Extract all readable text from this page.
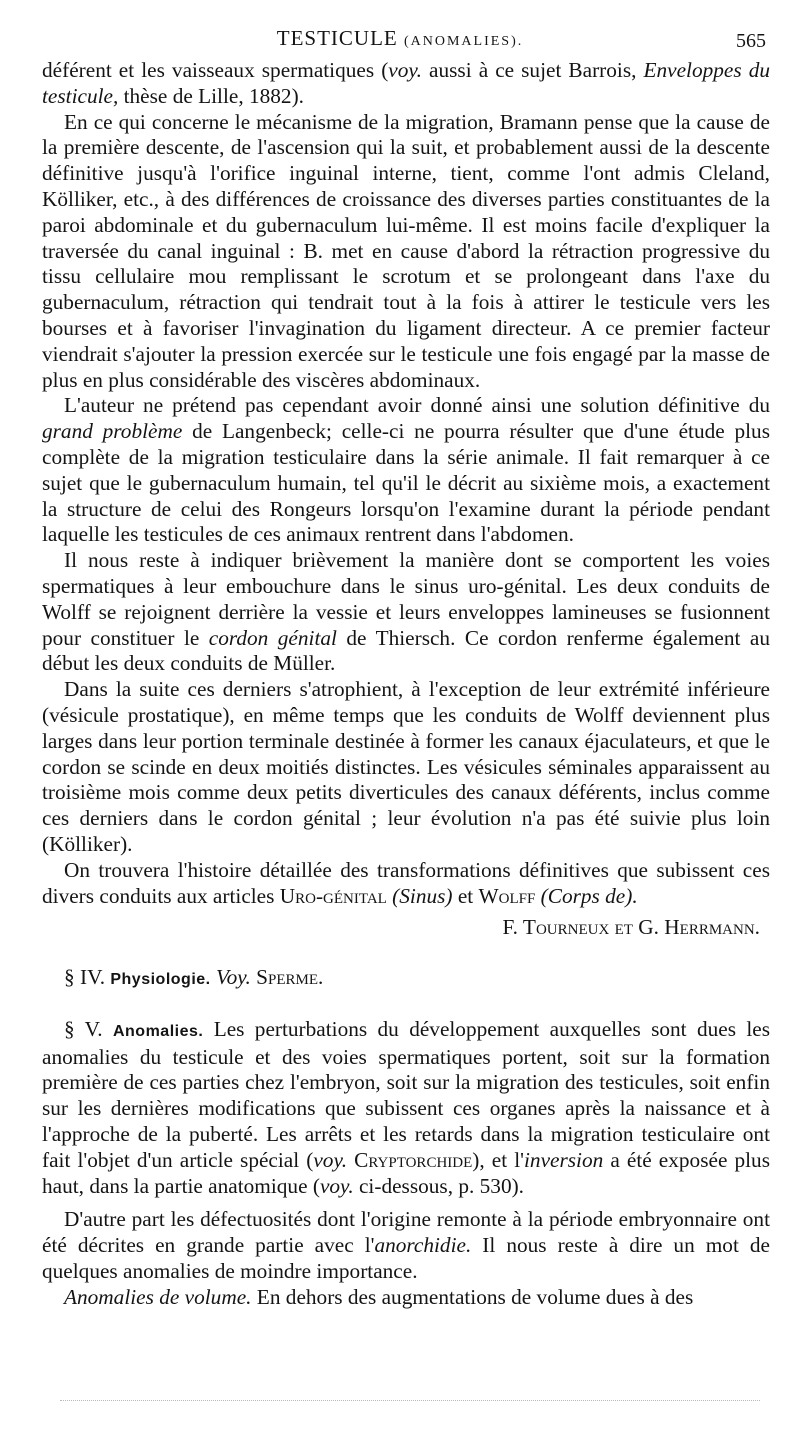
TESTICULE (ANOMALIES).	565

déférent et les vaisseaux spermatiques (voy. aussi à ce sujet Barrois, Enveloppes du testicule, thèse de Lille, 1882).

En ce qui concerne le mécanisme de la migration, Bramann pense que la cause de la première descente, de l'ascension qui la suit, et probablement aussi de la descente définitive jusqu'à l'orifice inguinal interne, tient, comme l'ont admis Cleland, Kölliker, etc., à des différences de croissance des diverses parties constituantes de la paroi abdominale et du gubernaculum lui-même. Il est moins facile d'expliquer la traversée du canal inguinal : B. met en cause d'abord la rétraction progressive du tissu cellulaire mou remplissant le scrotum et se prolongeant dans l'axe du gubernaculum, rétraction qui tendrait tout à la fois à attirer le testicule vers les bourses et à favoriser l'invagination du ligament directeur. A ce premier facteur viendrait s'ajouter la pression exercée sur le testicule une fois engagé par la masse de plus en plus considérable des viscères abdominaux.

L'auteur ne prétend pas cependant avoir donné ainsi une solution définitive du grand problème de Langenbeck; celle-ci ne pourra résulter que d'une étude plus complète de la migration testiculaire dans la série animale. Il fait remarquer à ce sujet que le gubernaculum humain, tel qu'il le décrit au sixième mois, a exactement la structure de celui des Rongeurs lorsqu'on l'examine durant la période pendant laquelle les testicules de ces animaux rentrent dans l'abdomen.

Il nous reste à indiquer brièvement la manière dont se comportent les voies spermatiques à leur embouchure dans le sinus uro-génital. Les deux conduits de Wolff se rejoignent derrière la vessie et leurs enveloppes lamineuses se fusionnent pour constituer le cordon génital de Thiersch. Ce cordon renferme également au début les deux conduits de Müller.

Dans la suite ces derniers s'atrophient, à l'exception de leur extrémité inférieure (vésicule prostatique), en même temps que les conduits de Wolff deviennent plus larges dans leur portion terminale destinée à former les canaux éjaculateurs, et que le cordon se scinde en deux moitiés distinctes. Les vésicules séminales apparaissent au troisième mois comme deux petits diverticules des canaux déférents, inclus comme ces derniers dans le cordon génital ; leur évolution n'a pas été suivie plus loin (Kölliker).

On trouvera l'histoire détaillée des transformations définitives que subissent ces divers conduits aux articles Uro-génital (Sinus) et Wolff (Corps de).

F. Tourneux et G. Herrmann.

§ IV. Physiologie. Voy. Sperme.

§ V. Anomalies. Les perturbations du développement auxquelles sont dues les anomalies du testicule et des voies spermatiques portent, soit sur la formation première de ces parties chez l'embryon, soit sur la migration des testicules, soit enfin sur les dernières modifications que subissent ces organes après la naissance et à l'approche de la puberté. Les arrêts et les retards dans la migration testiculaire ont fait l'objet d'un article spécial (voy. Cryptorchide), et l'inversion a été exposée plus haut, dans la partie anatomique (voy. ci-dessous, p. 530).

D'autre part les défectuosités dont l'origine remonte à la période embryonnaire ont été décrites en grande partie avec l'anorchidie. Il nous reste à dire un mot de quelques anomalies de moindre importance.

Anomalies de volume. En dehors des augmentations de volume dues à des
